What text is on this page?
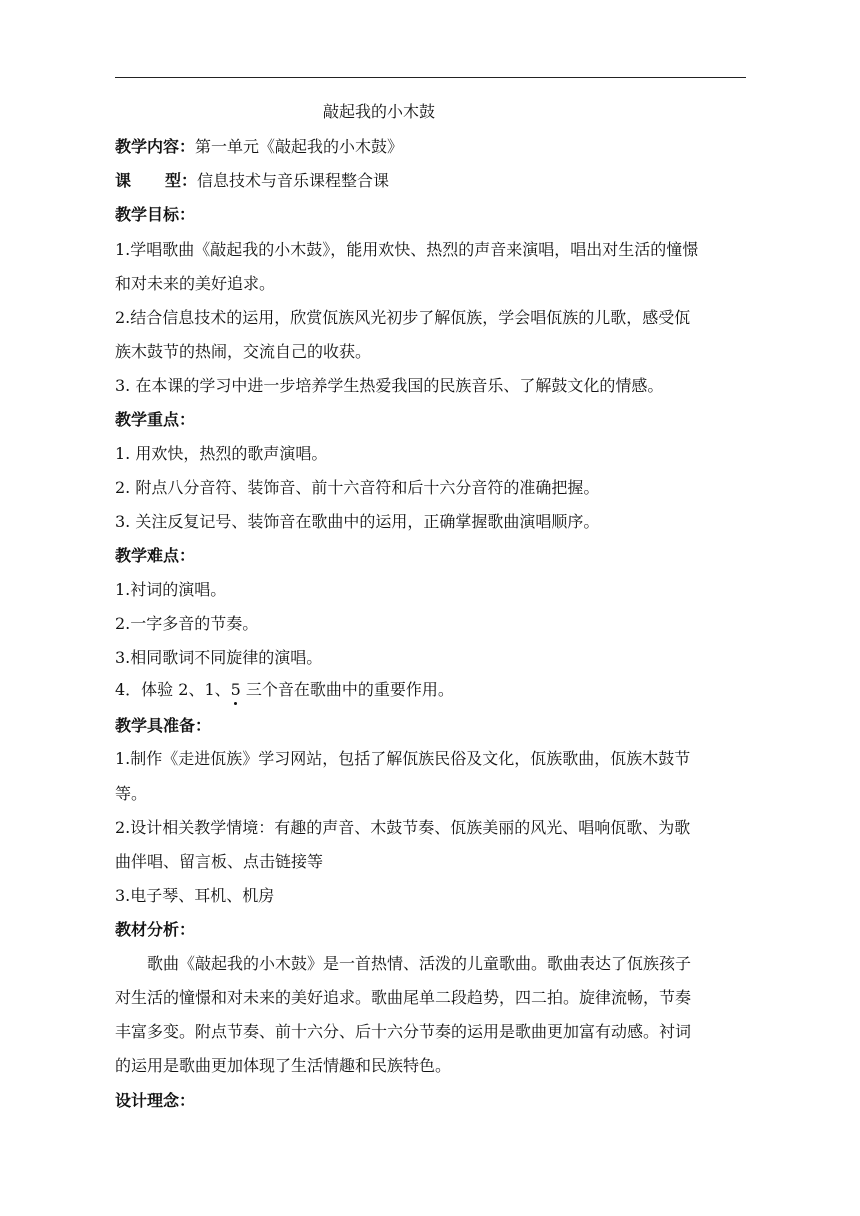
敲起我的小木鼓
教学内容：第一单元《敲起我的小木鼓》
课 型：信息技术与音乐课程整合课
教学目标：
1.学唱歌曲《敲起我的小木鼓》，能用欢快、热烈的声音来演唱，唱出对生活的憧憬
和对未来的美好追求。
2.结合信息技术的运用，欣赏佤族风光初步了解佤族，学会唱佤族的儿歌，感受佤
族木鼓节的热闹，交流自己的收获。
3. 在本课的学习中进一步培养学生热爱我国的民族音乐、了解鼓文化的情感。
教学重点：
1. 用欢快，热烈的歌声演唱。
2. 附点八分音符、装饰音、前十六音符和后十六分音符的准确把握。
3. 关注反复记号、装饰音在歌曲中的运用，正确掌握歌曲演唱顺序。
教学难点：
1.衬词的演唱。
2.一字多音的节奏。
3.相同歌词不同旋律的演唱。
4．体验 2、1、5 三个音在歌曲中的重要作用。
教学具准备：
1.制作《走进佤族》学习网站，包括了解佤族民俗及文化，佤族歌曲，佤族木鼓节
等。
2.设计相关教学情境：有趣的声音、木鼓节奏、佤族美丽的风光、唱响佤歌、为歌
曲伴唱、留言板、点击链接等
3.电子琴、耳机、机房
教材分析：
歌曲《敲起我的小木鼓》是一首热情、活泼的儿童歌曲。歌曲表达了佤族孩子
对生活的憧憬和对未来的美好追求。歌曲尾单二段趋势，四二拍。旋律流畅，节奏
丰富多变。附点节奏、前十六分、后十六分节奏的运用是歌曲更加富有动感。衬词
的运用是歌曲更加体现了生活情趣和民族特色。
设计理念：
